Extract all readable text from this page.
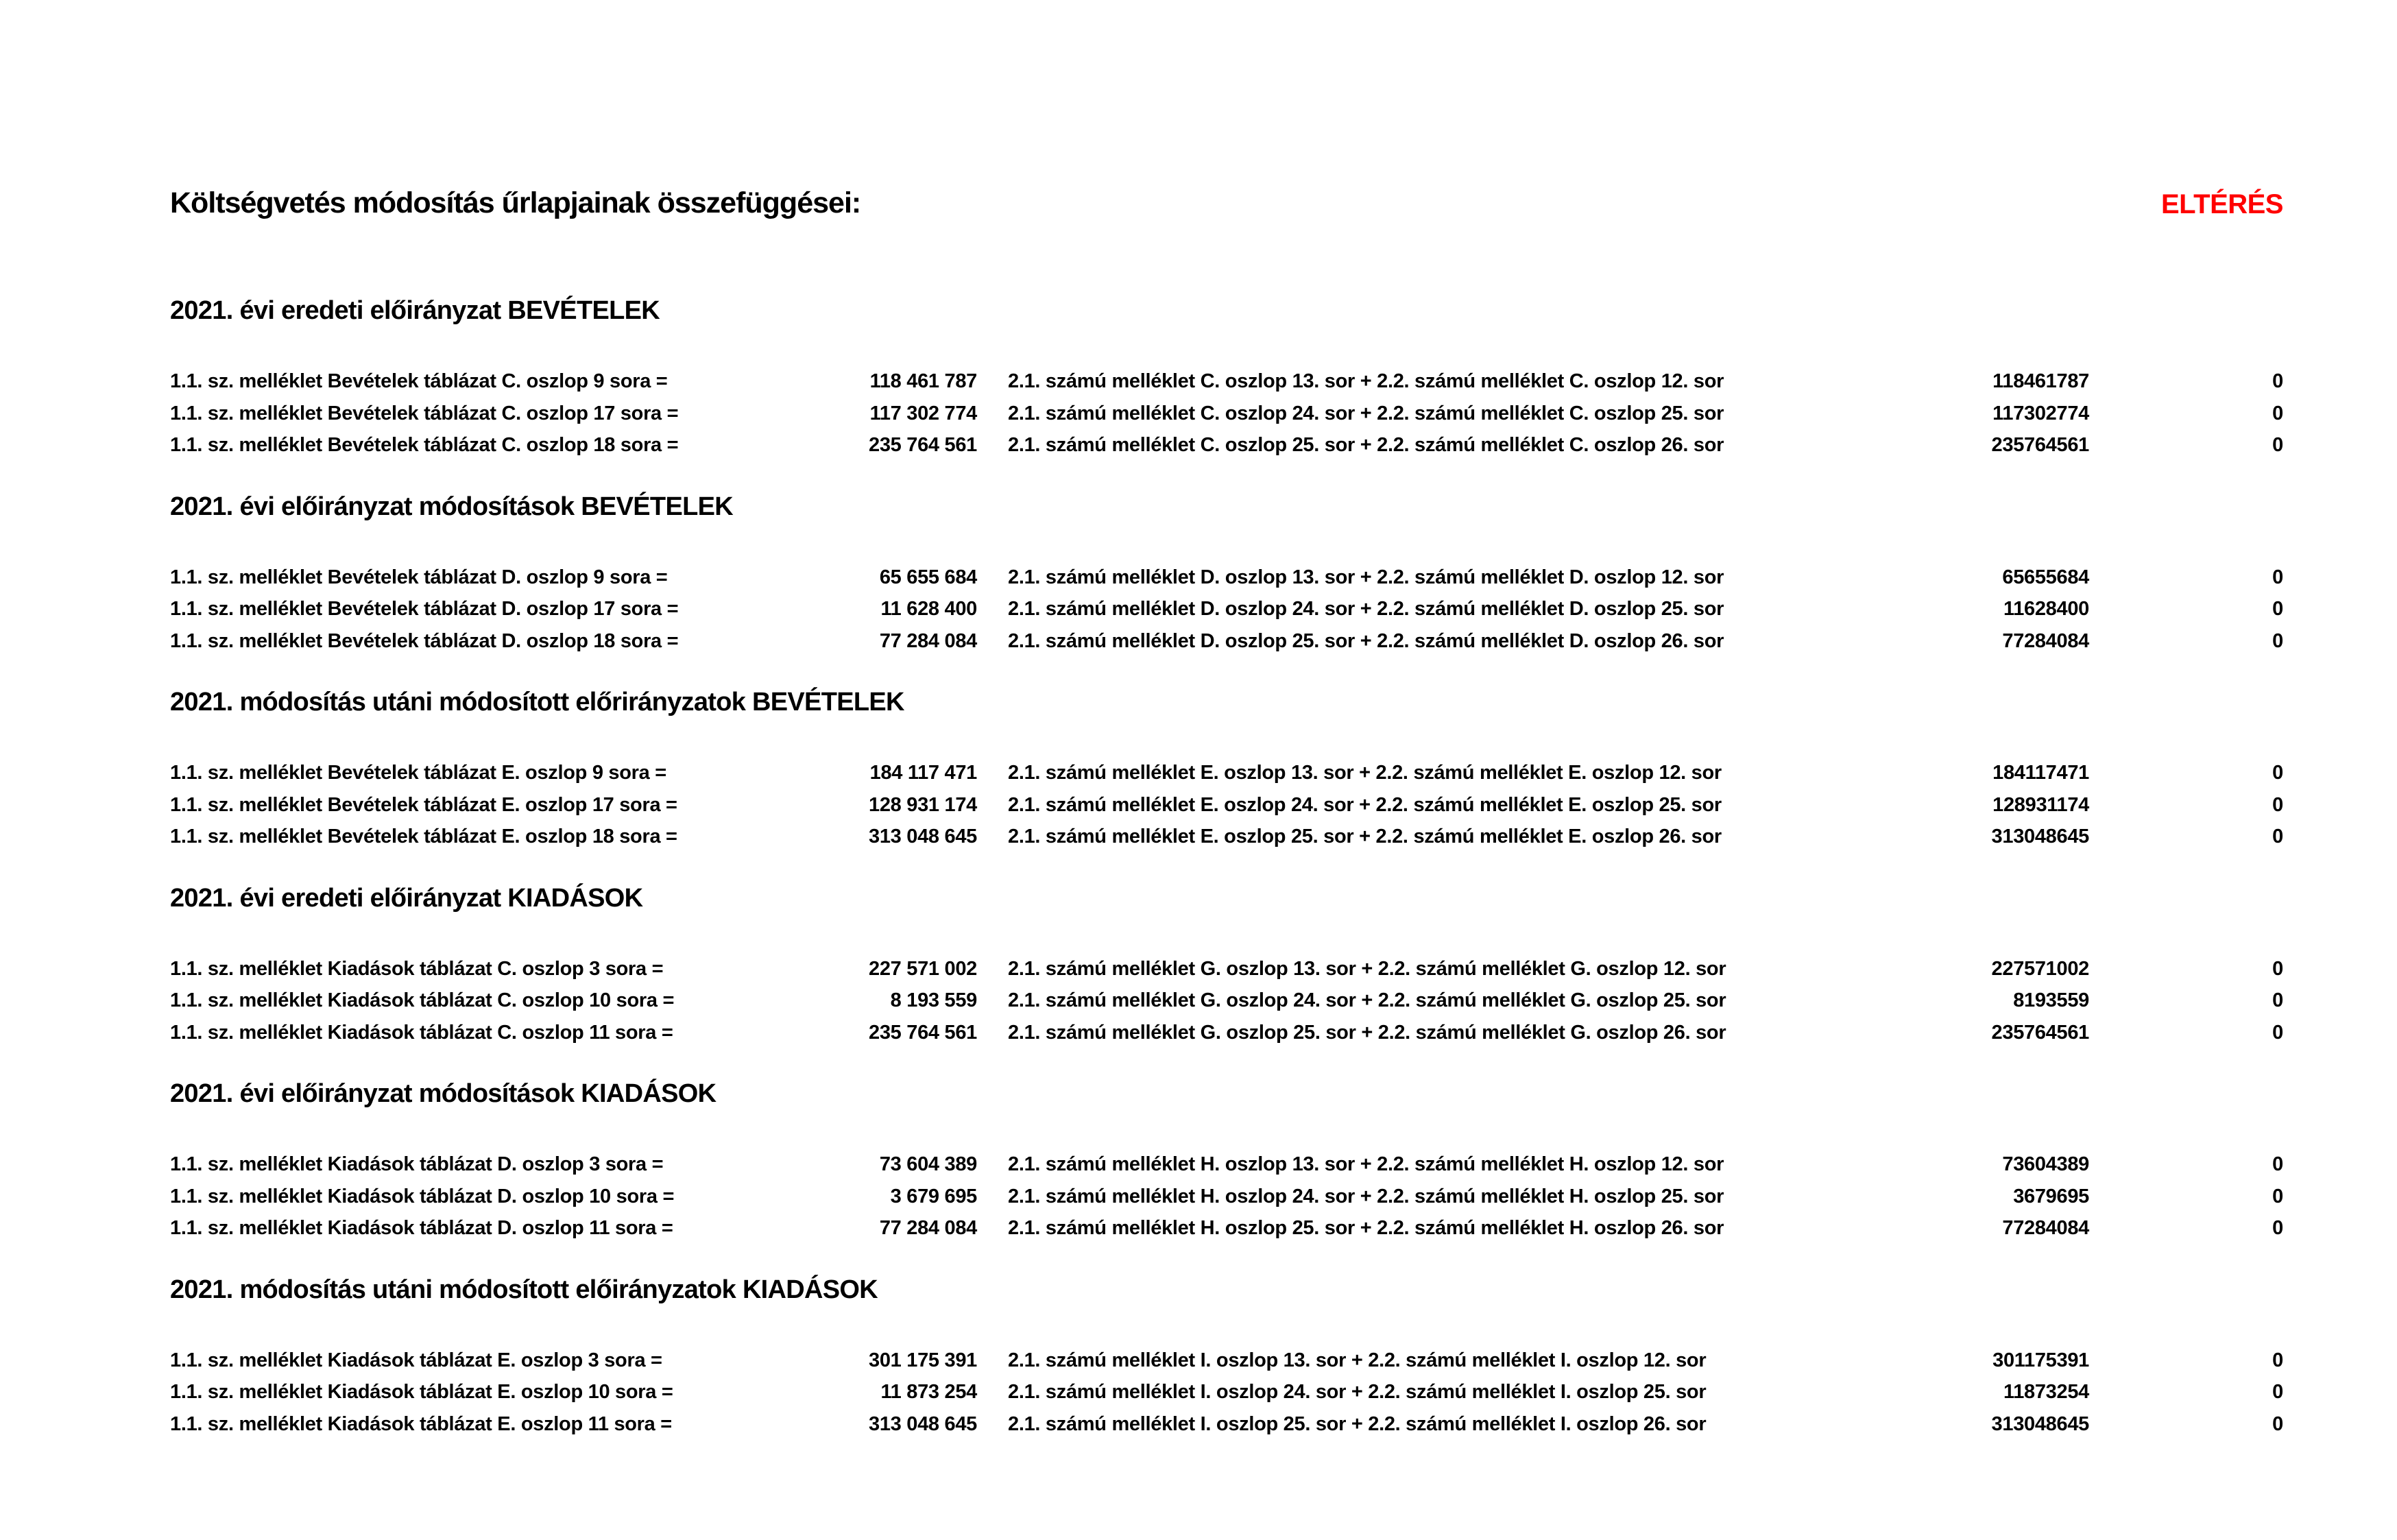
Költségvetés módosítás űrlapjainak összefüggései:	ELTÉRÉS
2021. évi eredeti előirányzat BEVÉTELEK
1.1. sz. melléklet Bevételek táblázat C. oszlop 9 sora =	118 461 787	2.1. számú melléklet C. oszlop 13. sor + 2.2. számú melléklet C. oszlop 12. sor	118461787	0
1.1. sz. melléklet Bevételek táblázat C. oszlop 17 sora =	117 302 774	2.1. számú melléklet C. oszlop 24. sor + 2.2. számú melléklet C. oszlop 25. sor	117302774	0
1.1. sz. melléklet Bevételek táblázat C. oszlop 18 sora =	235 764 561	2.1. számú melléklet C. oszlop 25. sor + 2.2. számú melléklet C. oszlop 26. sor	235764561	0
2021. évi előirányzat módosítások BEVÉTELEK
1.1. sz. melléklet Bevételek táblázat D. oszlop 9 sora =	65 655 684	2.1. számú melléklet D. oszlop 13. sor + 2.2. számú melléklet D. oszlop 12. sor	65655684	0
1.1. sz. melléklet Bevételek táblázat D. oszlop 17 sora =	11 628 400	2.1. számú melléklet D. oszlop 24. sor + 2.2. számú melléklet D. oszlop 25. sor	11628400	0
1.1. sz. melléklet Bevételek táblázat D. oszlop 18 sora =	77 284 084	2.1. számú melléklet D. oszlop 25. sor + 2.2. számú melléklet D. oszlop 26. sor	77284084	0
2021. módosítás utáni módosított előrirányzatok BEVÉTELEK
1.1. sz. melléklet Bevételek táblázat E. oszlop 9 sora =	184 117 471	2.1. számú melléklet E. oszlop 13. sor + 2.2. számú melléklet E. oszlop 12. sor	184117471	0
1.1. sz. melléklet Bevételek táblázat E. oszlop 17 sora =	128 931 174	2.1. számú melléklet E. oszlop 24. sor + 2.2. számú melléklet E. oszlop 25. sor	128931174	0
1.1. sz. melléklet Bevételek táblázat E. oszlop 18 sora =	313 048 645	2.1. számú melléklet E. oszlop 25. sor + 2.2. számú melléklet E. oszlop 26. sor	313048645	0
2021. évi eredeti előirányzat KIADÁSOK
1.1. sz. melléklet Kiadások táblázat C. oszlop 3 sora =	227 571 002	2.1. számú melléklet G. oszlop 13. sor + 2.2. számú melléklet G. oszlop 12. sor	227571002	0
1.1. sz. melléklet Kiadások táblázat C. oszlop 10 sora =	8 193 559	2.1. számú melléklet G. oszlop 24. sor + 2.2. számú melléklet G. oszlop 25. sor	8193559	0
1.1. sz. melléklet Kiadások táblázat C. oszlop 11 sora =	235 764 561	2.1. számú melléklet G. oszlop 25. sor + 2.2. számú melléklet G. oszlop 26. sor	235764561	0
2021. évi előirányzat módosítások KIADÁSOK
1.1. sz. melléklet Kiadások táblázat D. oszlop 3 sora =	73 604 389	2.1. számú melléklet H. oszlop 13. sor + 2.2. számú melléklet H. oszlop 12. sor	73604389	0
1.1. sz. melléklet Kiadások táblázat D. oszlop 10 sora =	3 679 695	2.1. számú melléklet H. oszlop 24. sor + 2.2. számú melléklet H. oszlop 25. sor	3679695	0
1.1. sz. melléklet Kiadások táblázat D. oszlop 11 sora =	77 284 084	2.1. számú melléklet H. oszlop 25. sor + 2.2. számú melléklet H. oszlop 26. sor	77284084	0
2021. módosítás utáni módosított előirányzatok KIADÁSOK
1.1. sz. melléklet Kiadások táblázat E. oszlop 3 sora =	301 175 391	2.1. számú melléklet I. oszlop 13. sor + 2.2. számú melléklet I. oszlop 12. sor	301175391	0
1.1. sz. melléklet Kiadások táblázat E. oszlop 10 sora =	11 873 254	2.1. számú melléklet I. oszlop 24. sor + 2.2. számú melléklet I. oszlop 25. sor	11873254	0
1.1. sz. melléklet Kiadások táblázat E. oszlop 11 sora =	313 048 645	2.1. számú melléklet I. oszlop 25. sor + 2.2. számú melléklet I. oszlop 26. sor	313048645	0
